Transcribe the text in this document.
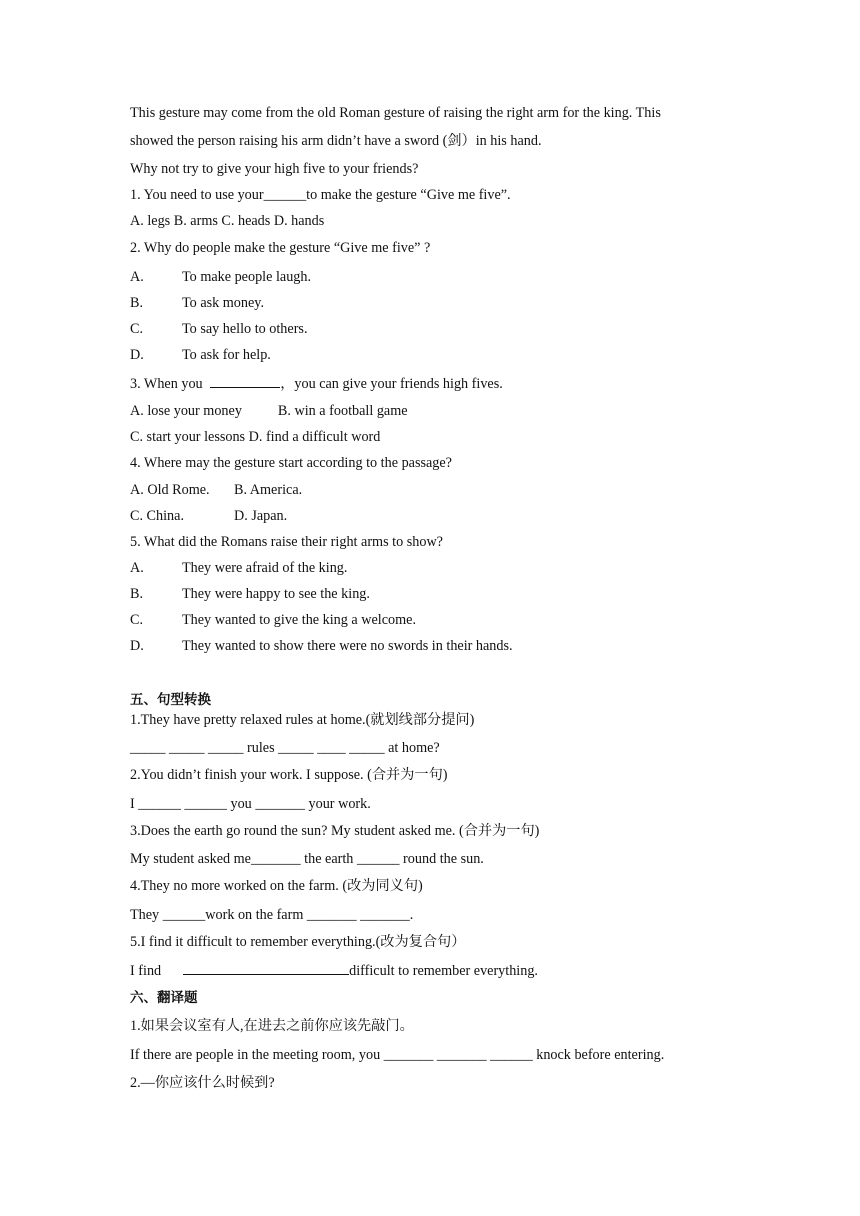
This gesture may come from the old Roman gesture of raising the right arm for the king. This
showed the person raising his arm didn’t have a sword (剑）in his hand.
Why not try to give your high five to your friends?
1. You need to use your______to make the gesture “Give me five”.
A. legs B. arms C. heads D. hands
2. Why do people make the gesture “Give me five” ?
A.	To make people laugh.
B.	To ask money.
C.	To say hello to others.
D.	To ask for help.
3. When you	，you can give your friends high fives.
A. lose your money	B. win a football game
C. start your lessons D. find a difficult word
4. Where may the gesture start according to the passage?
A. Old Rome. B. America.
C. China.	D. Japan.
5. What did the Romans raise their right arms to show?
A.	They were afraid of the king.
B.	They were happy to see the king.
C.	They wanted to give the king a welcome.
D.	They wanted to show there were no swords in their hands.
五、句型转换
1.They have pretty relaxed rules at home.(就划线部分提问)
_____ _____ _____ rules _____ ____ _____ at home?
2.You didn’t finish your work. I suppose. (合并为一句)
I ______ ______ you _______ your work.
3.Does the earth go round the sun? My student asked me. (合并为一句)
My student asked me_______ the earth ______ round the sun.
4.They no more worked on the farm. (改为同义句)
They ______work on the farm _______ _______.
5.I find it difficult to remember everything.(改为复合句）
I find	difficult to remember everything.
六、翻译题
1.如果会议室有人,在进去之前你应该先敲门。
If there are people in the meeting room, you _______ _______ ______ knock before entering.
2.—你应该什么时候到?
